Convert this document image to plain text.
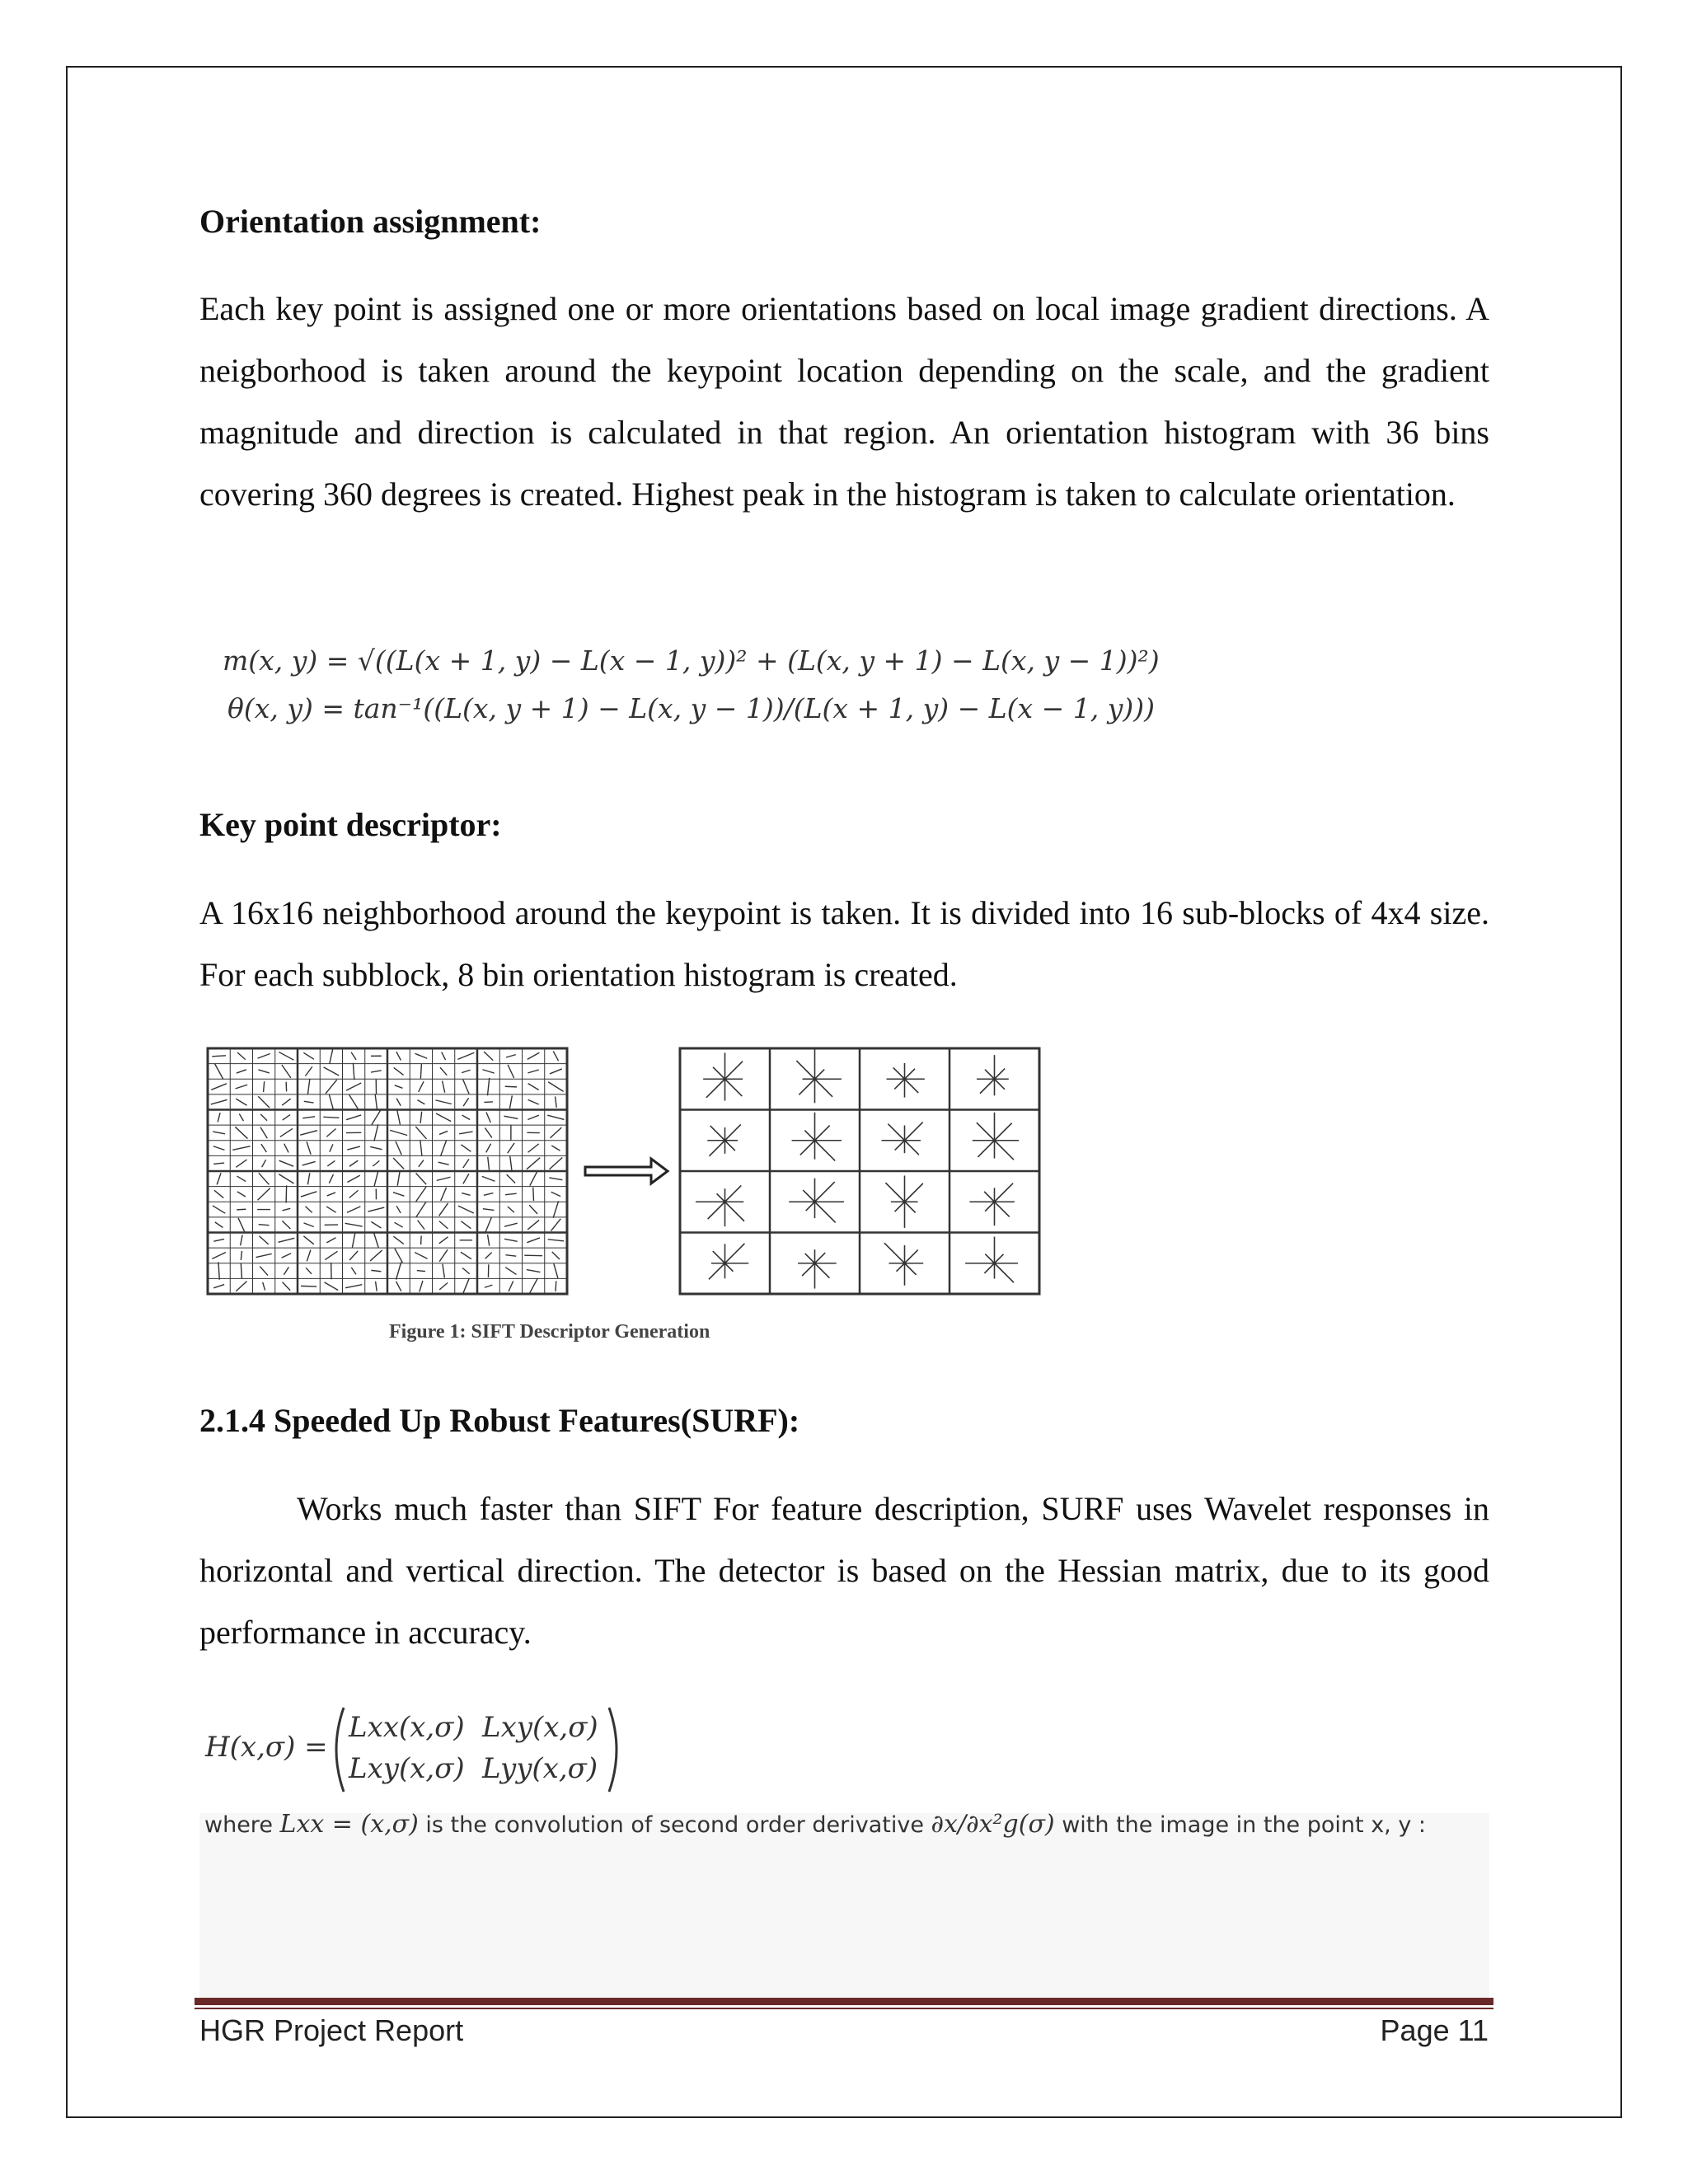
Orientation assignment:
Each key point is assigned one or more orientations based on local image gradient directions. A neigborhood is taken around the keypoint location depending on the scale, and the gradient magnitude and direction is calculated in that region. An orientation histogram with 36 bins covering 360 degrees is created. Highest peak in the histogram is taken to calculate orientation.
m(x, y) = √((L(x + 1, y) − L(x − 1, y))² + (L(x, y + 1) − L(x, y − 1))²)
θ(x, y) = tan⁻¹((L(x, y + 1) − L(x, y − 1))/(L(x + 1, y) − L(x − 1, y)))
Key point descriptor:
A 16x16 neighborhood around the keypoint is taken. It is divided into 16 sub-blocks of 4x4 size. For each subblock, 8 bin orientation histogram is created.
Figure 1: SIFT Descriptor Generation
2.1.4 Speeded Up Robust Features(SURF):
Works much faster than SIFT For feature description, SURF uses Wavelet responses in horizontal and vertical direction. The detector is based on the Hessian matrix, due to its good performance in accuracy.
H(x,σ) =
Lxx(x,σ) Lxy(x,σ)
Lxy(x,σ) Lyy(x,σ)
where Lxx = (x,σ) is the convolution of second order derivative ∂x/∂x²g(σ) with the image in the point x, y :
HGR Project Report	Page 11
